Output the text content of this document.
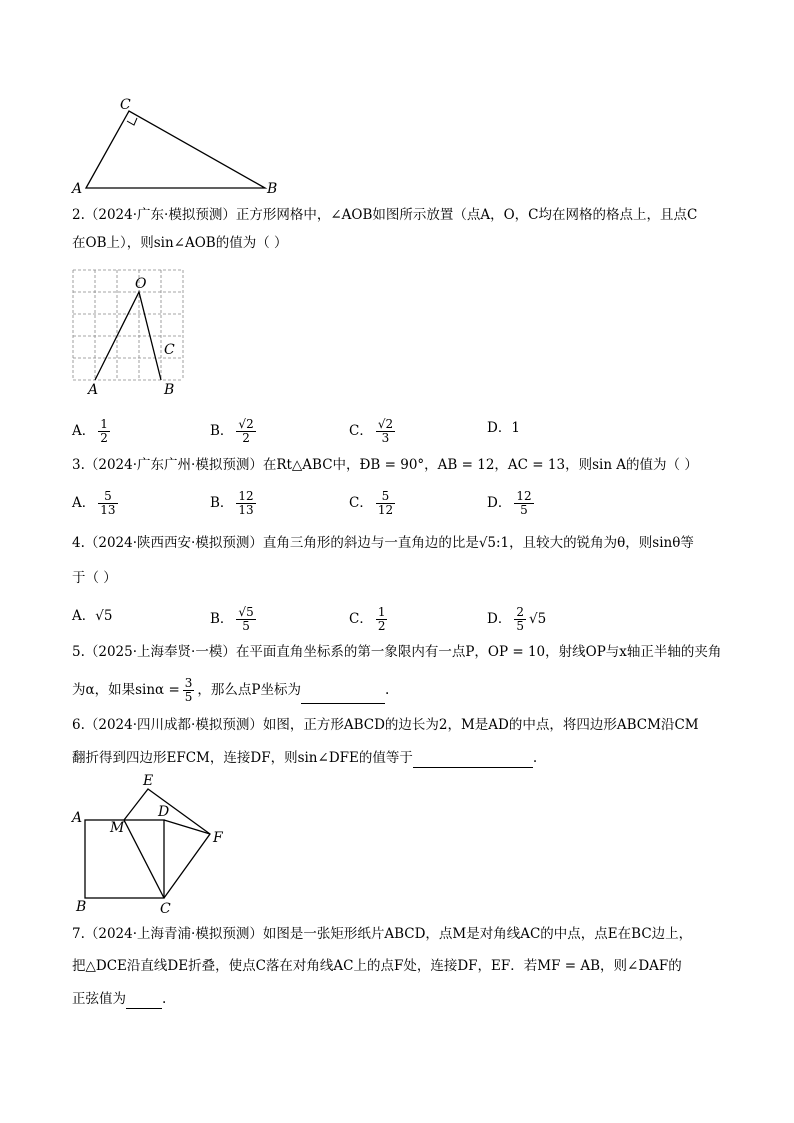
C
A	B
2.（2024·广东·模拟预测）正方形网格中，∠AOB如图所示放置（点A，O，C均在网格的格点上，且点C
在OB上），则sin∠AOB的值为（ ）
O
A	B
C
A． $\frac{1}{2}$	B． $\frac{√2}{2}$	C． $\frac{√2}{3}$	D．1
3.（2024·广东广州·模拟预测）在Rt△ABC中，ÐB = 90°，AB = 12，AC = 13，则sin A的值为（ ）
A． $\frac{5}{13}$	B． $\frac{12}{13}$	C． $\frac{5}{12}$	D． $\frac{12}{5}$
4.（2024·陕西西安·模拟预测）直角三角形的斜边与一直角边的比是√5:1，且较大的锐角为θ，则sinθ等
于（ ）
A．√5	B． $\frac{√5}{5}$	C． $\frac{1}{2}$	D． $\frac{2}{5} √5$
5.（2025·上海奉贤·一模）在平面直角坐标系的第一象限内有一点P，OP = 10，射线OP与x轴正半轴的夹角
为α，如果$\sin\alpha = \frac{3}{5}$ ，那么点P坐标为	.
6.（2024·四川成都·模拟预测）如图，正方形ABCD的边长为2，M是AD的中点，将四边形ABCM沿CM
翻折得到四边形EFCM，连接DF，则sin∠DFE的值等于	.
A
B	C
D
E
F
M
7.（2024·上海青浦·模拟预测）如图是一张矩形纸片ABCD，点M是对角线AC的中点，点E在BC边上，
把△DCE沿直线DE折叠，使点C落在对角线AC上的点F处，连接DF，EF．若MF = AB，则∠DAF的
正弦值为	.
